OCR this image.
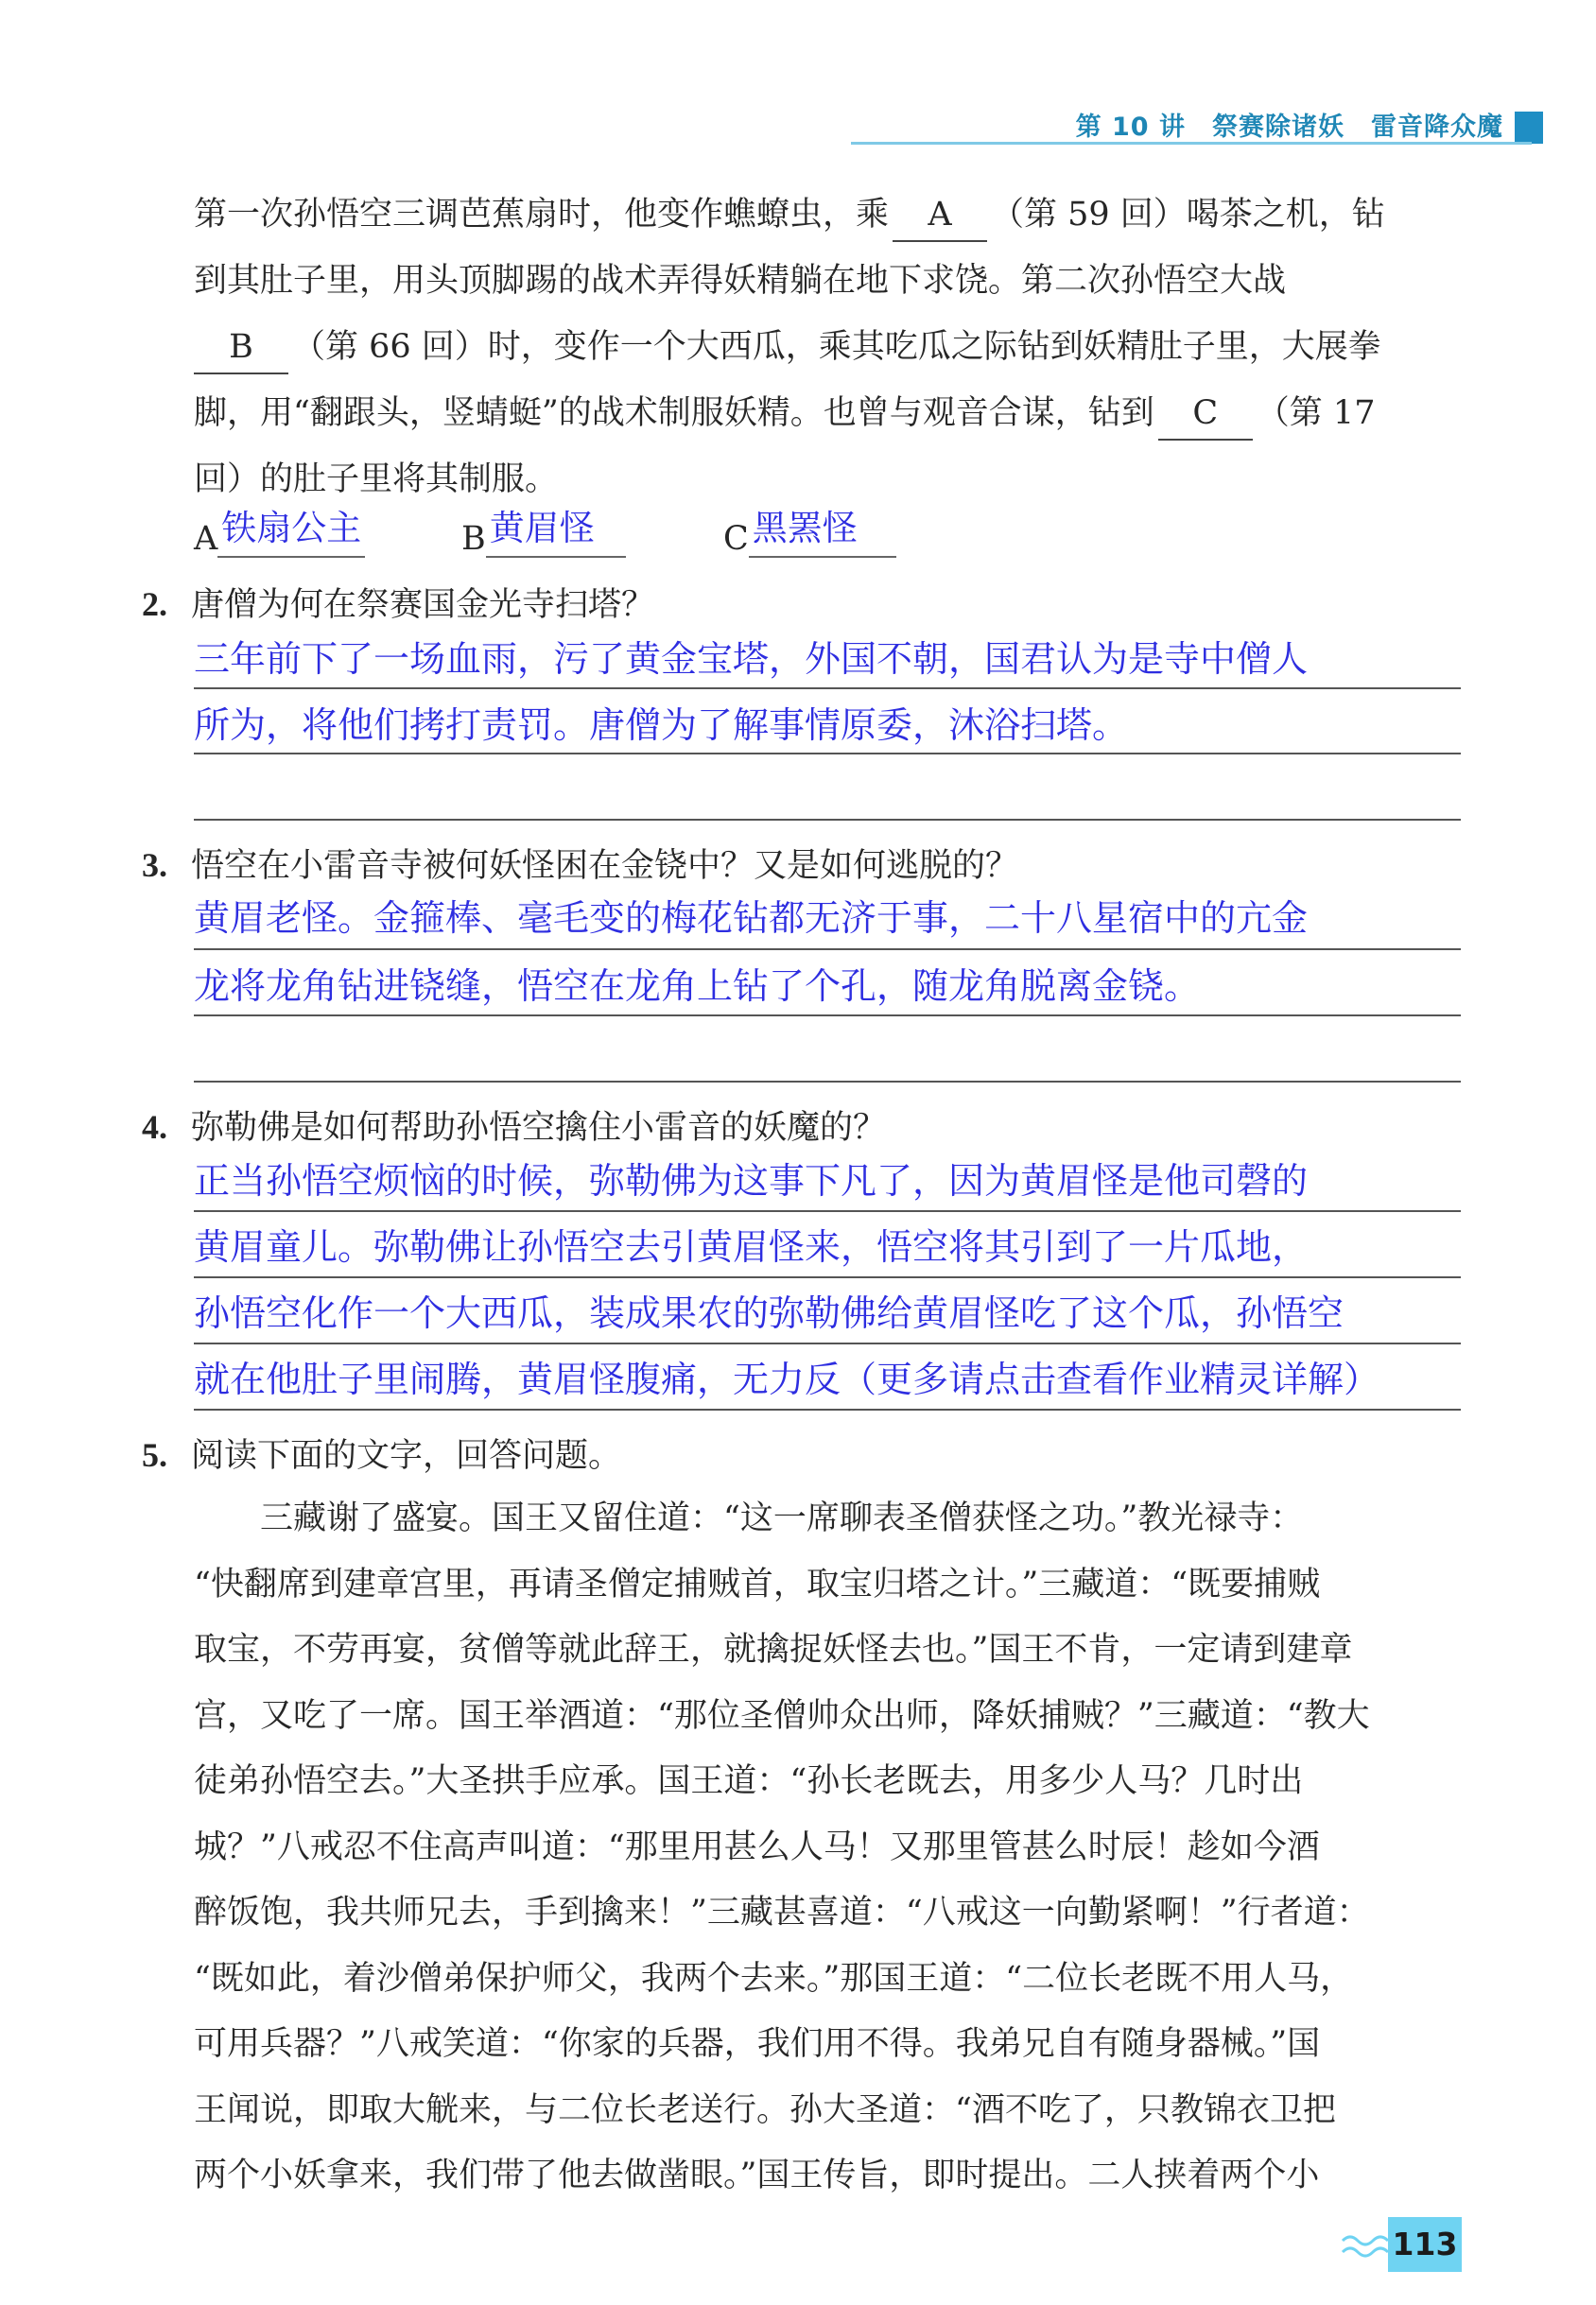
第 10 讲　祭赛除诸妖　雷音降众魔
第一次孙悟空三调芭蕉扇时，他变作蟭蟟虫，乘 A （第 59 回）喝茶之机，钻
到其肚子里，用头顶脚踢的战术弄得妖精躺在地下求饶。第二次孙悟空大战
B （第 66 回）时，变作一个大西瓜，乘其吃瓜之际钻到妖精肚子里，大展拳
脚，用“翻跟头，竖蜻蜓”的战术制服妖精。也曾与观音合谋，钻到 C （第 17
回）的肚子里将其制服。
A 铁扇公主	B 黄眉怪	C 黑罴怪
2. 唐僧为何在祭赛国金光寺扫塔？
三年前下了一场血雨，污了黄金宝塔，外国不朝，国君认为是寺中僧人
所为，将他们拷打责罚。唐僧为了解事情原委，沐浴扫塔。
3. 悟空在小雷音寺被何妖怪困在金铙中？又是如何逃脱的？
黄眉老怪。金箍棒、毫毛变的梅花钻都无济于事，二十八星宿中的亢金
龙将龙角钻进铙缝，悟空在龙角上钻了个孔，随龙角脱离金铙。
4. 弥勒佛是如何帮助孙悟空擒住小雷音的妖魔的？
正当孙悟空烦恼的时候，弥勒佛为这事下凡了，因为黄眉怪是他司磬的
黄眉童儿。弥勒佛让孙悟空去引黄眉怪来，悟空将其引到了一片瓜地，
孙悟空化作一个大西瓜，装成果农的弥勒佛给黄眉怪吃了这个瓜，孙悟空
就在他肚子里闹腾，黄眉怪腹痛，无力反（更多请点击查看作业精灵详解）
5. 阅读下面的文字，回答问题。

　　三藏谢了盛宴。国王又留住道：“这一席聊表圣僧获怪之功。”教光禄寺：

“快翻席到建章宫里，再请圣僧定捕贼首，取宝归塔之计。”三藏道：“既要捕贼

取宝，不劳再宴，贫僧等就此辞王，就擒捉妖怪去也。”国王不肯，一定请到建章

宫，又吃了一席。国王举酒道：“那位圣僧帅众出师，降妖捕贼？”三藏道：“教大

徒弟孙悟空去。”大圣拱手应承。国王道：“孙长老既去，用多少人马？几时出

城？”八戒忍不住高声叫道：“那里用甚么人马！又那里管甚么时辰！趁如今酒

醉饭饱，我共师兄去，手到擒来！”三藏甚喜道：“八戒这一向勤紧啊！”行者道：

“既如此，着沙僧弟保护师父，我两个去来。”那国王道：“二位长老既不用人马，

可用兵器？”八戒笑道：“你家的兵器，我们用不得。我弟兄自有随身器械。”国

王闻说，即取大觥来，与二位长老送行。孙大圣道：“酒不吃了，只教锦衣卫把

两个小妖拿来，我们带了他去做凿眼。”国王传旨，即时提出。二人挟着两个小

113
